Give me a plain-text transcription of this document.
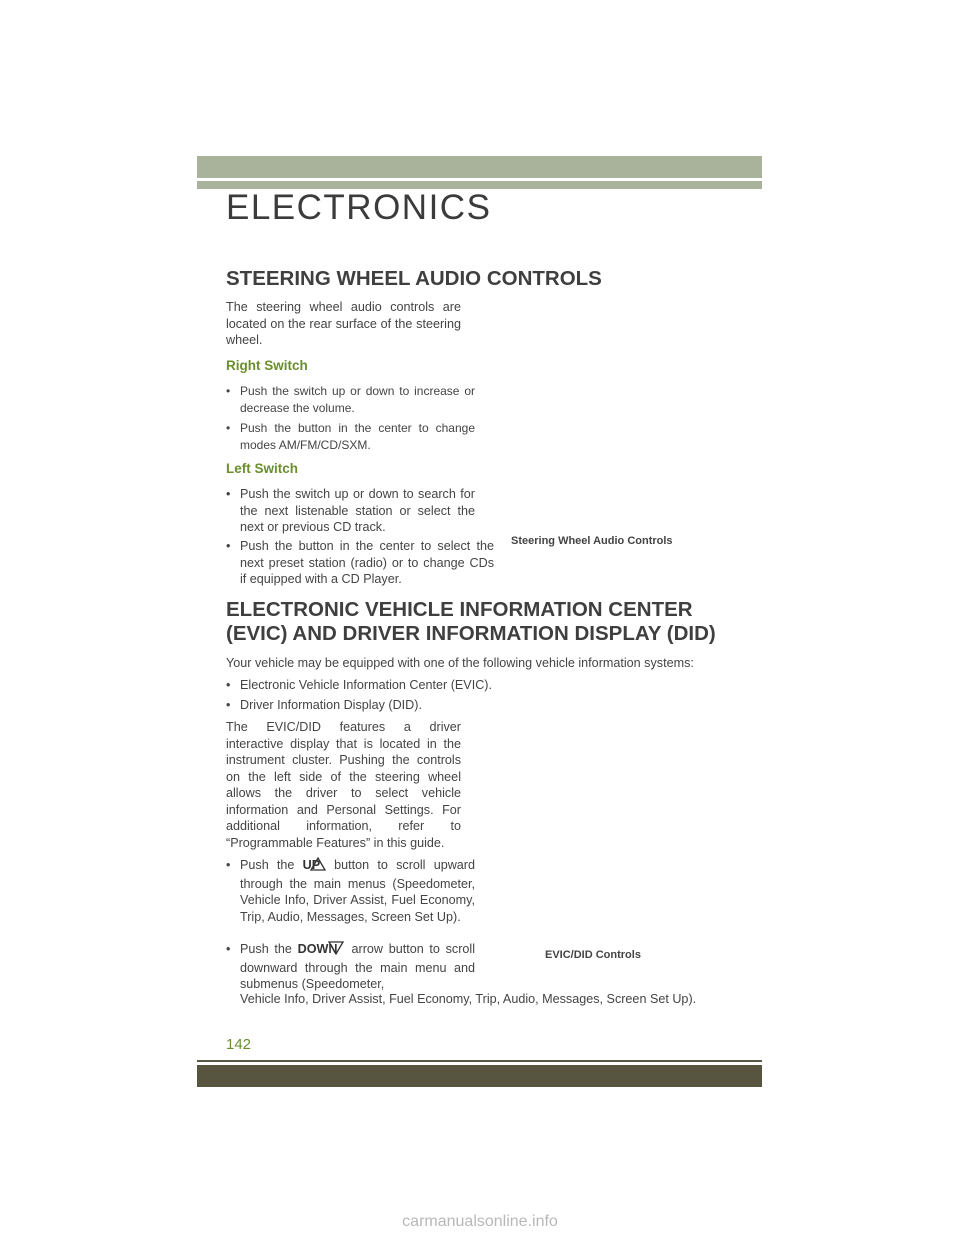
ELECTRONICS
STEERING WHEEL AUDIO CONTROLS

The steering wheel audio controls are located on the rear surface of the steering wheel.

Right Switch
• Push the switch up or down to increase or decrease the volume.
• Push the button in the center to change modes AM/FM/CD/SXM.
Left Switch
• Push the switch up or down to search for the next listenable station or select the next or previous CD track.
• Push the button in the center to select the next preset station (radio) or to change CDs if equipped with a CD Player.
Steering Wheel Audio Controls
ELECTRONIC VEHICLE INFORMATION CENTER
(EVIC) AND DRIVER INFORMATION DISPLAY (DID)

Your vehicle may be equipped with one of the following vehicle information systems:

• Electronic Vehicle Information Center (EVIC).
• Driver Information Display (DID).

The EVIC/DID features a driver interactive display that is located in the instrument cluster. Pushing the controls on the left side of the steering wheel allows the driver to select vehicle information and Personal Settings. For additional information, refer to “Programmable Features” in this guide.

• Push the UP button to scroll upward through the main menus (Speedometer, Vehicle Info, Driver Assist, Fuel Economy, Trip, Audio, Messages, Screen Set Up).
• Push the DOWN arrow button to scroll downward through the main menu and submenus (Speedometer,
Vehicle Info, Driver Assist, Fuel Economy, Trip, Audio, Messages, Screen Set Up).
EVIC/DID Controls
142
carmanualsonline.info
